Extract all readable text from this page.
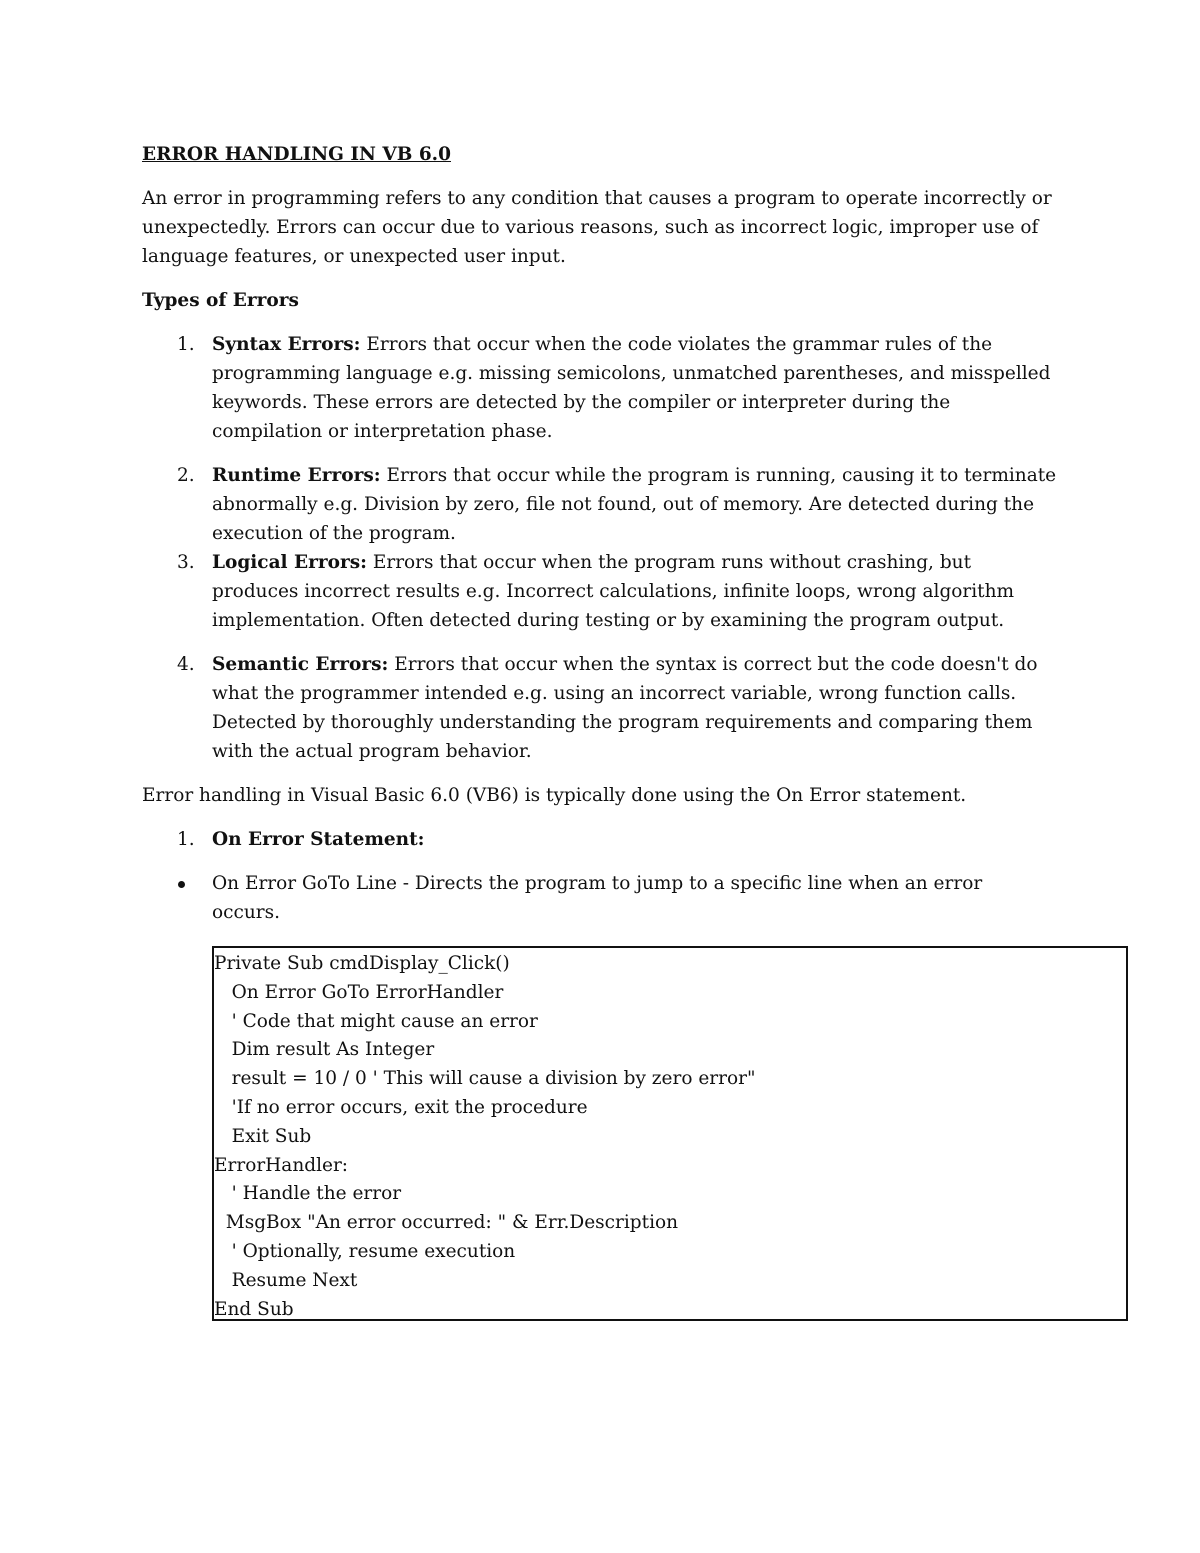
ERROR HANDLING IN VB 6.0
An error in programming refers to any condition that causes a program to operate incorrectly or unexpectedly. Errors can occur due to various reasons, such as incorrect logic, improper use of language features, or unexpected user input.
Types of Errors
1. Syntax Errors: Errors that occur when the code violates the grammar rules of the programming language e.g. missing semicolons, unmatched parentheses, and misspelled keywords. These errors are detected by the compiler or interpreter during the compilation or interpretation phase.
2. Runtime Errors: Errors that occur while the program is running, causing it to terminate abnormally e.g. Division by zero, file not found, out of memory. Are detected during the execution of the program.
3. Logical Errors: Errors that occur when the program runs without crashing, but produces incorrect results e.g. Incorrect calculations, infinite loops, wrong algorithm implementation. Often detected during testing or by examining the program output.
4. Semantic Errors: Errors that occur when the syntax is correct but the code doesn't do what the programmer intended e.g. using an incorrect variable, wrong function calls. Detected by thoroughly understanding the program requirements and comparing them with the actual program behavior.
Error handling in Visual Basic 6.0 (VB6) is typically done using the On Error statement.
1. On Error Statement:
On Error GoTo Line - Directs the program to jump to a specific line when an error occurs.
Private Sub cmdDisplay_Click()
On Error GoTo ErrorHandler
' Code that might cause an error
Dim result As Integer
result = 10 / 0 ' This will cause a division by zero error"
'If no error occurs, exit the procedure
Exit Sub
ErrorHandler:
' Handle the error
MsgBox "An error occurred: " & Err.Description
' Optionally, resume execution
Resume Next
End Sub
